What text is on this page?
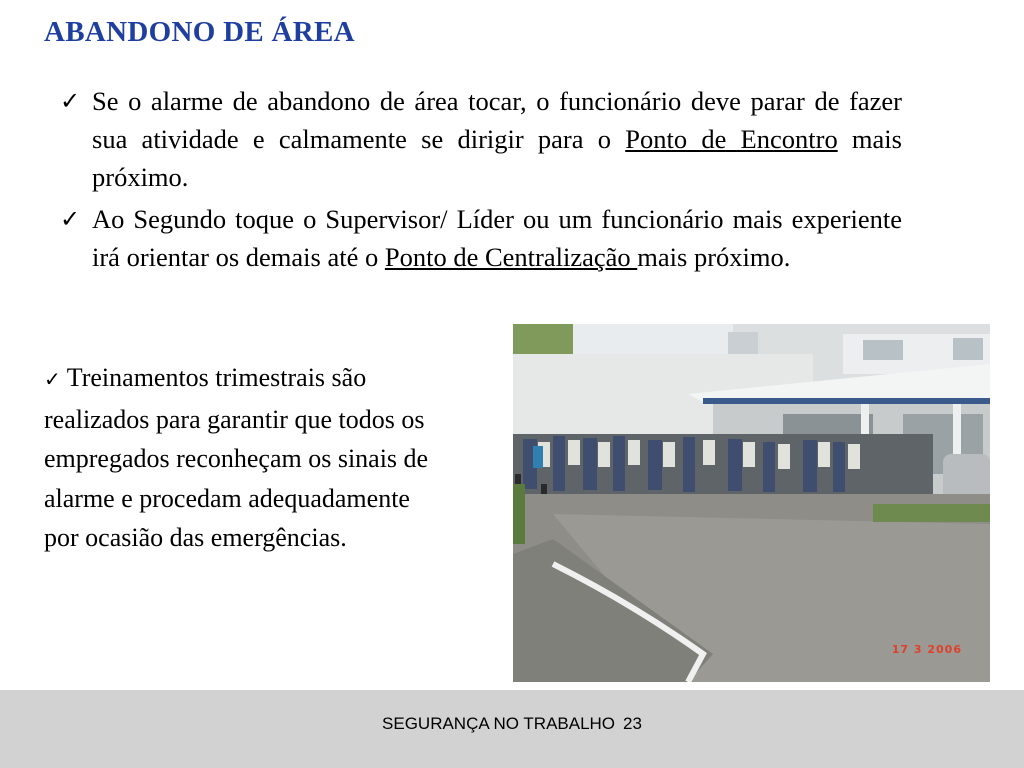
ABANDONO DE ÁREA
✓ Se o alarme de abandono de área tocar, o funcionário deve parar de fazer sua atividade e calmamente se dirigir para o Ponto de Encontro mais próximo.
✓ Ao Segundo toque o Supervisor/ Líder ou um funcionário mais experiente irá orientar os demais até o Ponto de Centralização mais próximo.
✓ Treinamentos trimestrais são realizados para garantir que todos os empregados reconheçam os sinais de alarme e procedam adequadamente por ocasião das emergências.
17 3 2006
SEGURANÇA NO TRABALHO 23
